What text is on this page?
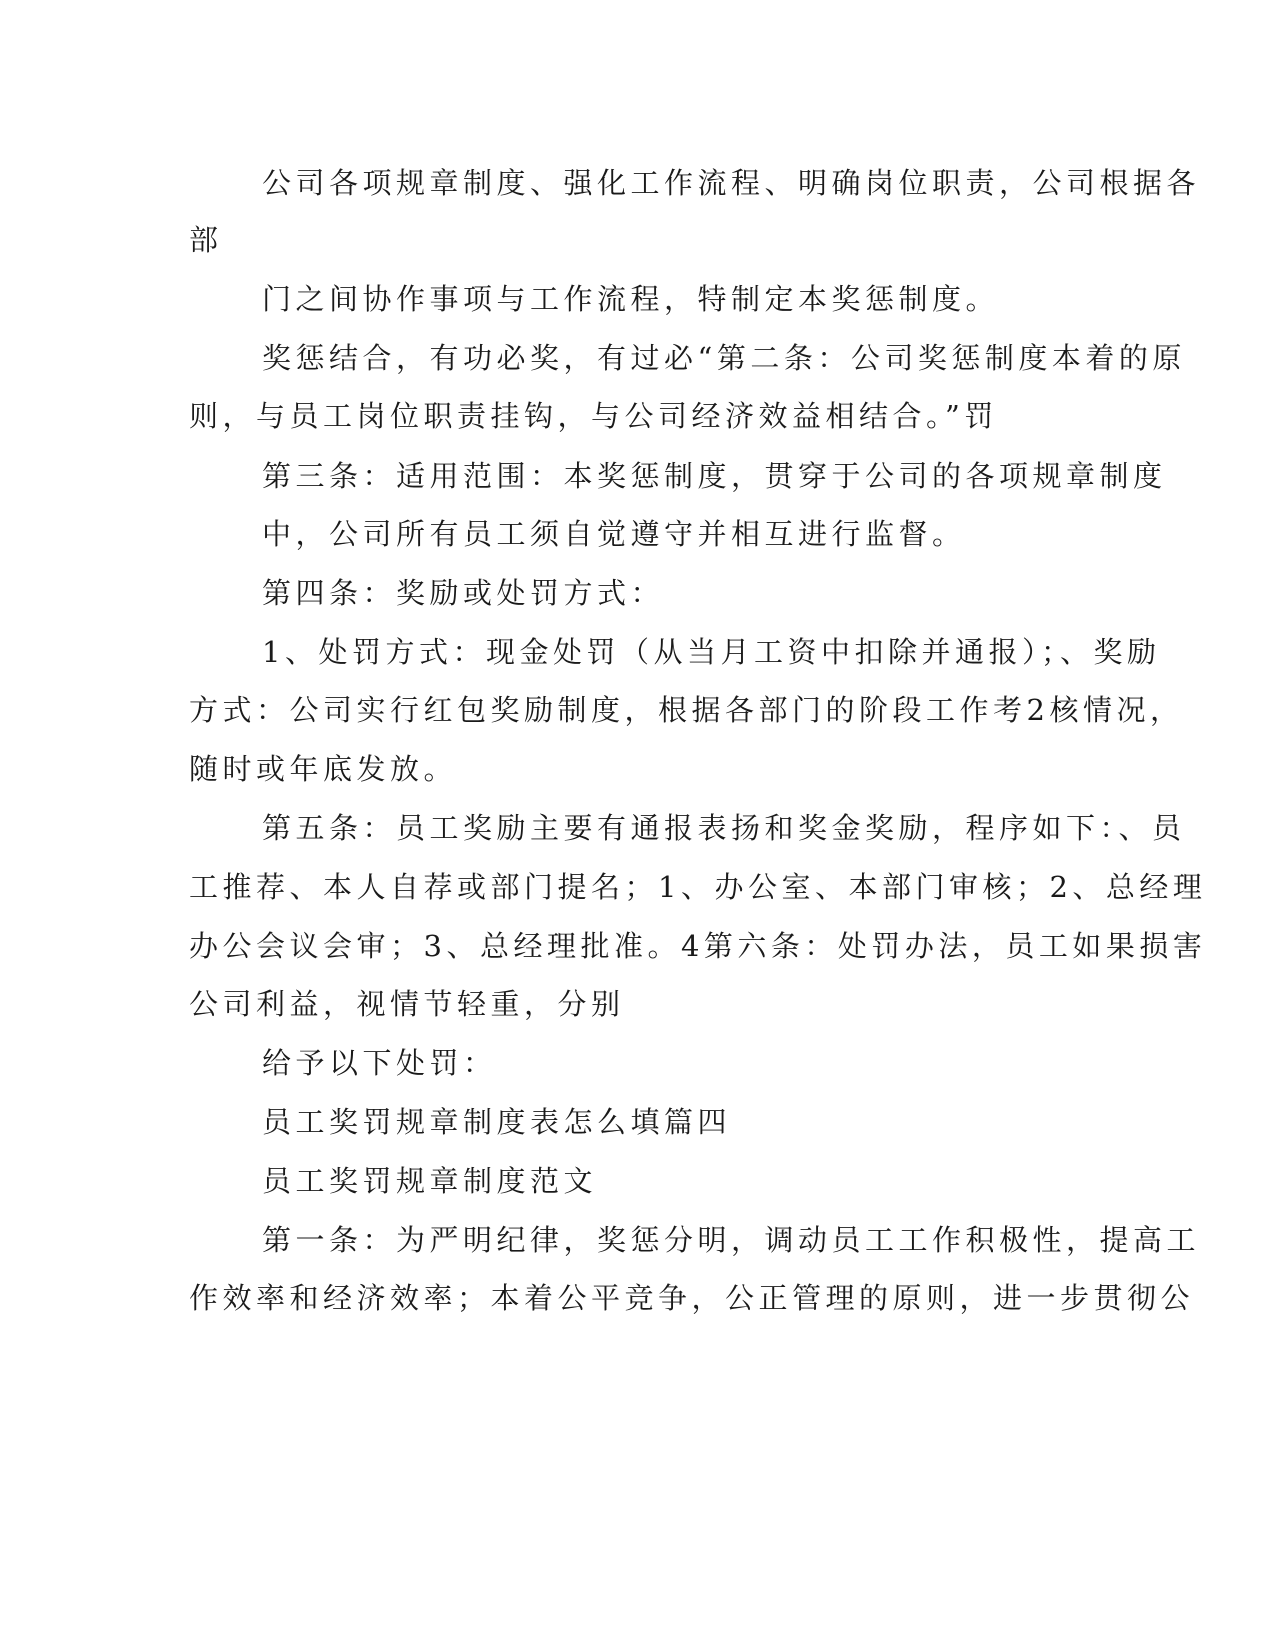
公司各项规章制度、强化工作流程、明确岗位职责，公司根据各
部
门之间协作事项与工作流程，特制定本奖惩制度。
奖惩结合，有功必奖，有过必“第二条：公司奖惩制度本着的原
则，与员工岗位职责挂钩，与公司经济效益相结合。”罚
第三条：适用范围：本奖惩制度，贯穿于公司的各项规章制度
中，公司所有员工须自觉遵守并相互进行监督。
第四条：奖励或处罚方式：
1、处罚方式：现金处罚（从当月工资中扣除并通报）；、奖励
方式：公司实行红包奖励制度，根据各部门的阶段工作考2核情况，
随时或年底发放。
第五条：员工奖励主要有通报表扬和奖金奖励，程序如下：、员
工推荐、本人自荐或部门提名；1、办公室、本部门审核；2、总经理
办公会议会审；3、总经理批准。4第六条：处罚办法，员工如果损害
公司利益，视情节轻重，分别
给予以下处罚：
员工奖罚规章制度表怎么填篇四
员工奖罚规章制度范文
第一条：为严明纪律，奖惩分明，调动员工工作积极性，提高工
作效率和经济效率；本着公平竞争，公正管理的原则，进一步贯彻公
